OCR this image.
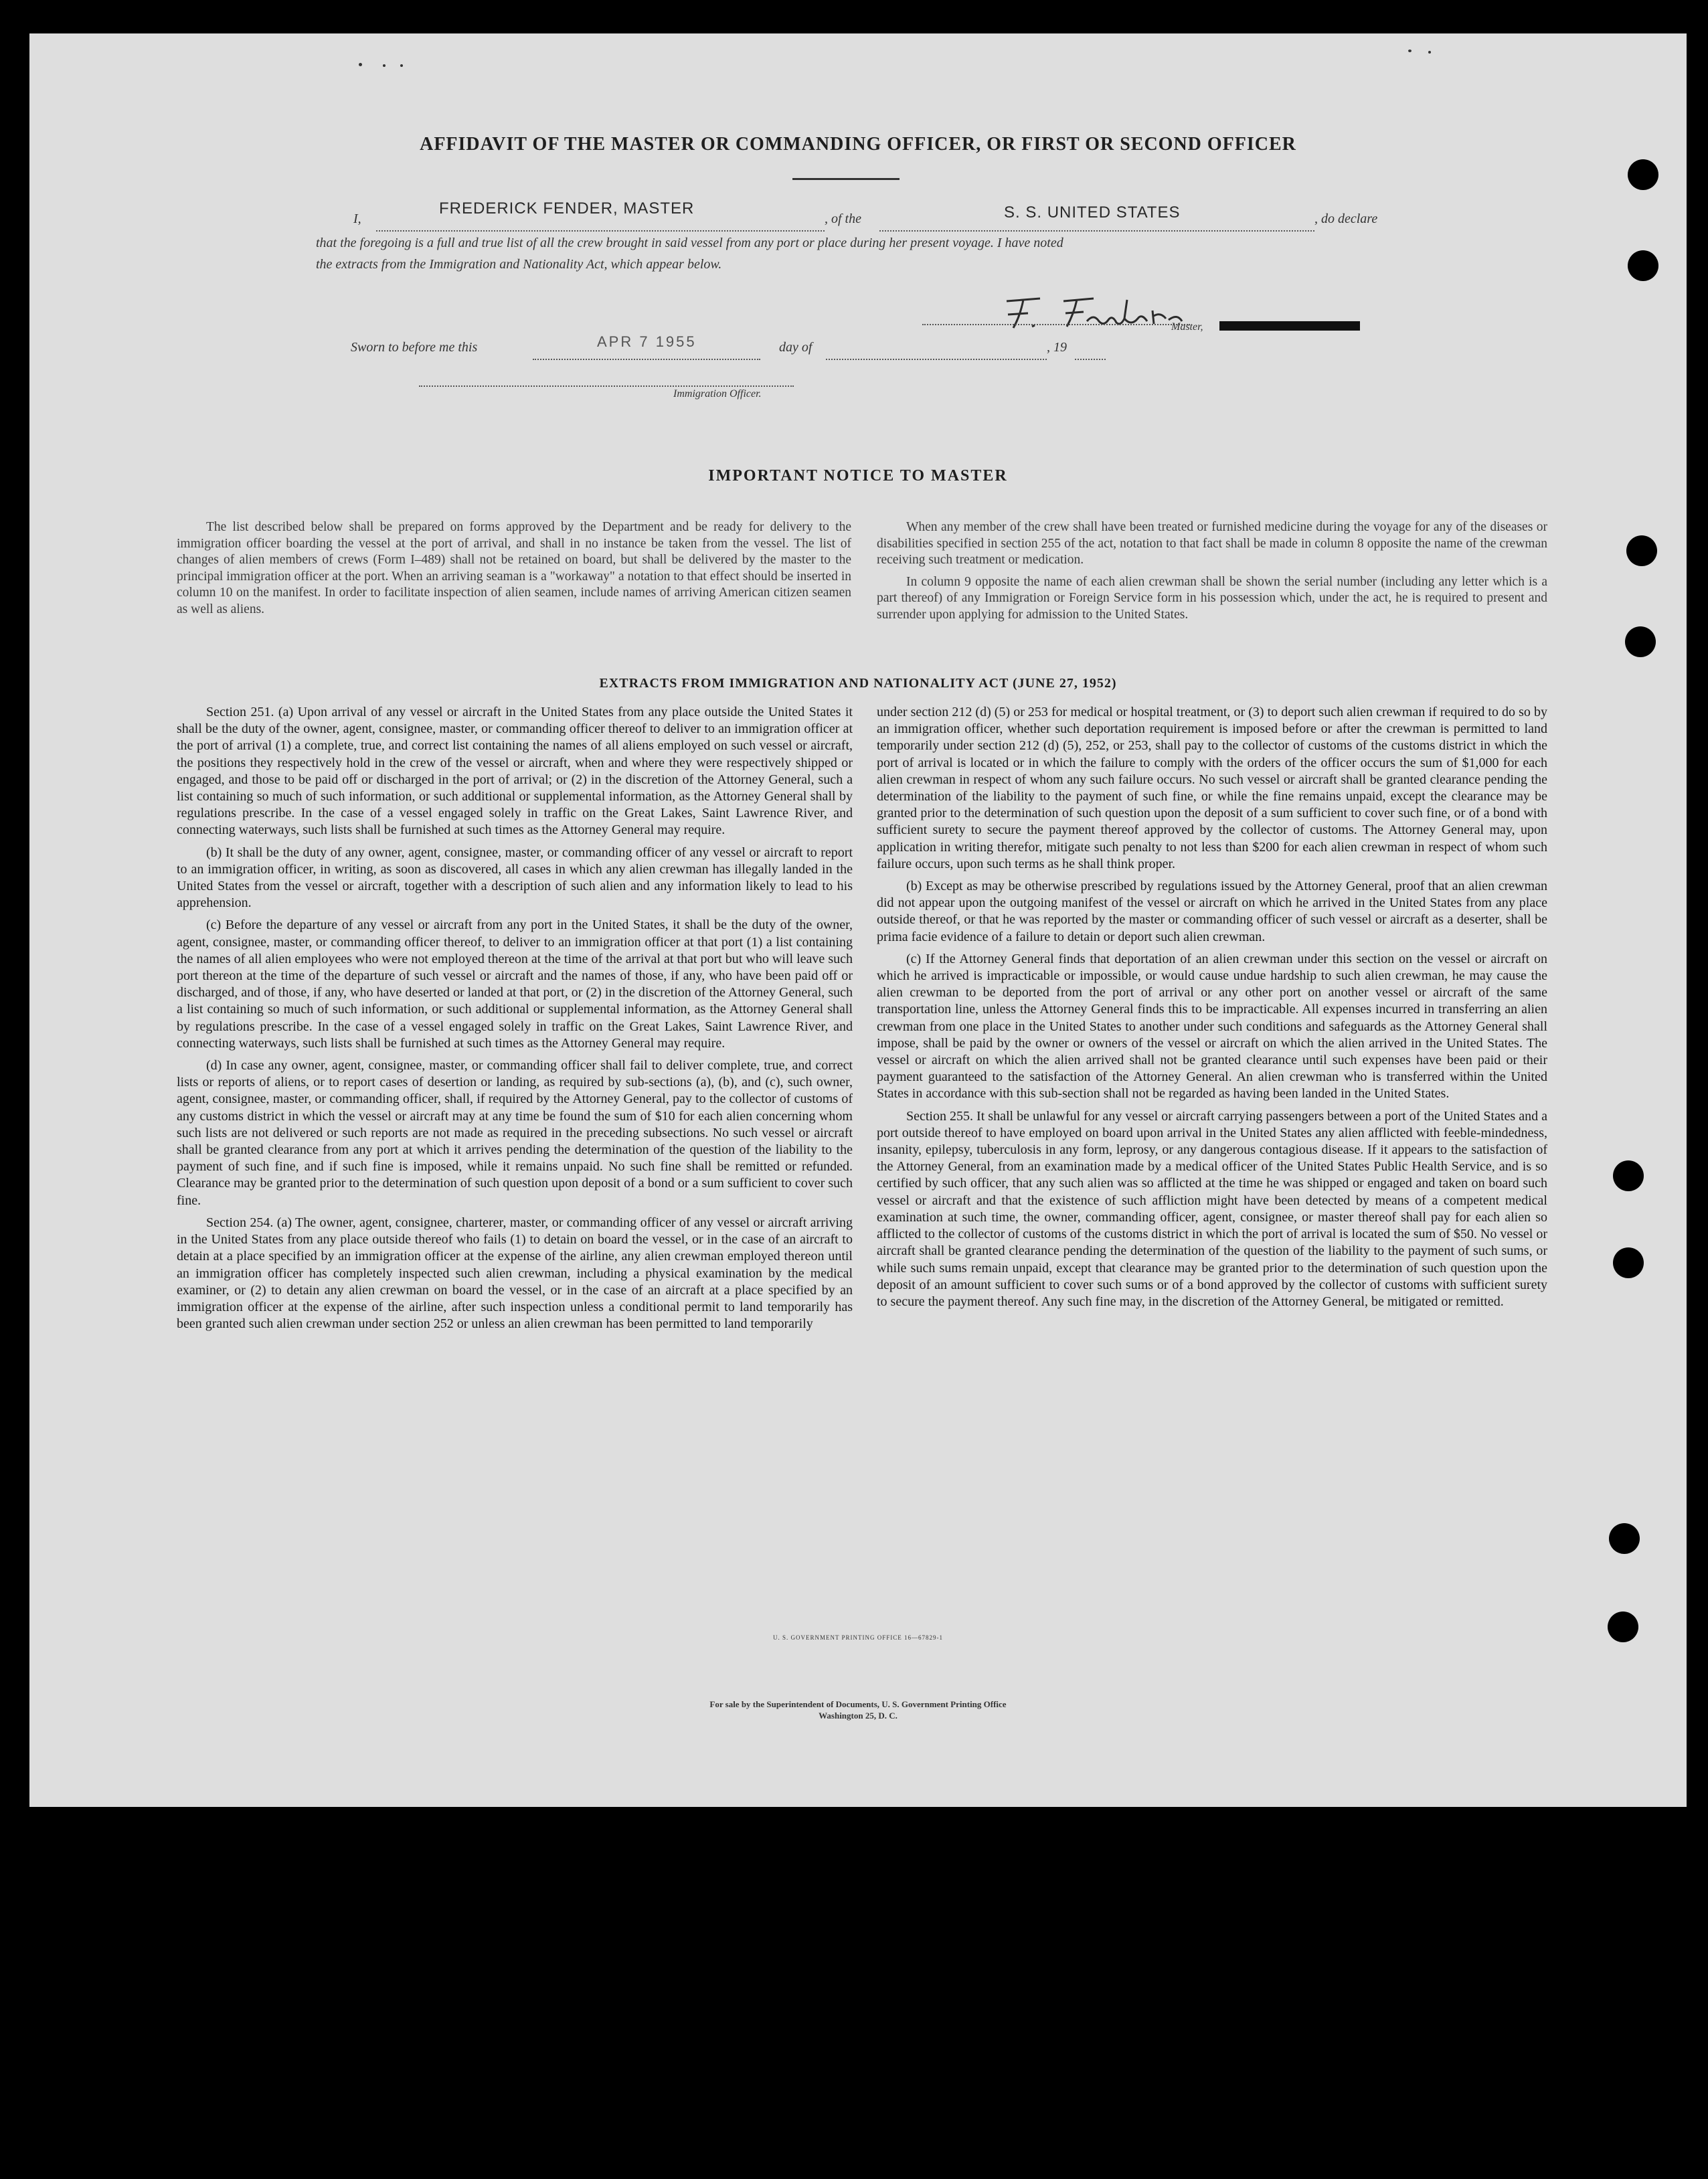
AFFIDAVIT OF THE MASTER OR COMMANDING OFFICER, OR FIRST OR SECOND OFFICER
I,
FREDERICK FENDER, MASTER
, of the	S. S. UNITED STATES	, do declare
that the foregoing is a full and true list of all the crew brought in said vessel from any port or place during her present voyage. I have noted
the extracts from the Immigration and Nationality Act, which appear below.
Master,
Sworn to before me this	APR 7 1955	day of	, 19
Immigration Officer.
IMPORTANT NOTICE TO MASTER

The list described below shall be prepared on forms approved by the Department and be ready for delivery to the immigration officer boarding the vessel at the port of arrival, and shall in no instance be taken from the vessel. The list of changes of alien members of crews (Form I–489) shall not be retained on board, but shall be delivered by the master to the principal immigration officer at the port. When an arriving seaman is a "workaway" a notation to that effect should be inserted in column 10 on the manifest. In order to facilitate inspection of alien seamen, include names of arriving American citizen seamen as well as aliens.

When any member of the crew shall have been treated or furnished medicine during the voyage for any of the diseases or disabilities specified in section 255 of the act, notation to that fact shall be made in column 8 opposite the name of the crewman receiving such treatment or medication.

In column 9 opposite the name of each alien crewman shall be shown the serial number (including any letter which is a part thereof) of any Immigration or Foreign Service form in his possession which, under the act, he is required to present and surrender upon applying for admission to the United States.

EXTRACTS FROM IMMIGRATION AND NATIONALITY ACT (JUNE 27, 1952)

Section 251. (a) Upon arrival of any vessel or aircraft in the United States from any place outside the United States it shall be the duty of the owner, agent, consignee, master, or commanding officer thereof to deliver to an immigration officer at the port of arrival (1) a complete, true, and correct list containing the names of all aliens employed on such vessel or aircraft, the positions they respectively hold in the crew of the vessel or aircraft, when and where they were respectively shipped or engaged, and those to be paid off or discharged in the port of arrival; or (2) in the discretion of the Attorney General, such a list containing so much of such information, or such additional or supplemental information, as the Attorney General shall by regulations prescribe. In the case of a vessel engaged solely in traffic on the Great Lakes, Saint Lawrence River, and connecting waterways, such lists shall be furnished at such times as the Attorney General may require.

(b) It shall be the duty of any owner, agent, consignee, master, or commanding officer of any vessel or aircraft to report to an immigration officer, in writing, as soon as discovered, all cases in which any alien crewman has illegally landed in the United States from the vessel or aircraft, together with a description of such alien and any information likely to lead to his apprehension.

(c) Before the departure of any vessel or aircraft from any port in the United States, it shall be the duty of the owner, agent, consignee, master, or commanding officer thereof, to deliver to an immigration officer at that port (1) a list containing the names of all alien employees who were not employed thereon at the time of the arrival at that port but who will leave such port thereon at the time of the departure of such vessel or aircraft and the names of those, if any, who have been paid off or discharged, and of those, if any, who have deserted or landed at that port, or (2) in the discretion of the Attorney General, such a list containing so much of such information, or such additional or supplemental information, as the Attorney General shall by regulations prescribe. In the case of a vessel engaged solely in traffic on the Great Lakes, Saint Lawrence River, and connecting waterways, such lists shall be furnished at such times as the Attorney General may require.

(d) In case any owner, agent, consignee, master, or commanding officer shall fail to deliver complete, true, and correct lists or reports of aliens, or to report cases of desertion or landing, as required by sub-sections (a), (b), and (c), such owner, agent, consignee, master, or commanding officer, shall, if required by the Attorney General, pay to the collector of customs of any customs district in which the vessel or aircraft may at any time be found the sum of $10 for each alien concerning whom such lists are not delivered or such reports are not made as required in the preceding subsections. No such vessel or aircraft shall be granted clearance from any port at which it arrives pending the determination of the question of the liability to the payment of such fine, and if such fine is imposed, while it remains unpaid. No such fine shall be remitted or refunded. Clearance may be granted prior to the determination of such question upon deposit of a bond or a sum sufficient to cover such fine.

Section 254. (a) The owner, agent, consignee, charterer, master, or commanding officer of any vessel or aircraft arriving in the United States from any place outside thereof who fails (1) to detain on board the vessel, or in the case of an aircraft to detain at a place specified by an immigration officer at the expense of the airline, any alien crewman employed thereon until an immigration officer has completely inspected such alien crewman, including a physical examination by the medical examiner, or (2) to detain any alien crewman on board the vessel, or in the case of an aircraft at a place specified by an immigration officer at the expense of the airline, after such inspection unless a conditional permit to land temporarily has been granted such alien crewman under section 252 or unless an alien crewman has been permitted to land temporarily

under section 212 (d) (5) or 253 for medical or hospital treatment, or (3) to deport such alien crewman if required to do so by an immigration officer, whether such deportation requirement is imposed before or after the crewman is permitted to land temporarily under section 212 (d) (5), 252, or 253, shall pay to the collector of customs of the customs district in which the port of arrival is located or in which the failure to comply with the orders of the officer occurs the sum of $1,000 for each alien crewman in respect of whom any such failure occurs. No such vessel or aircraft shall be granted clearance pending the determination of the liability to the payment of such fine, or while the fine remains unpaid, except the clearance may be granted prior to the determination of such question upon the deposit of a sum sufficient to cover such fine, or of a bond with sufficient surety to secure the payment thereof approved by the collector of customs. The Attorney General may, upon application in writing therefor, mitigate such penalty to not less than $200 for each alien crewman in respect of whom such failure occurs, upon such terms as he shall think proper.

(b) Except as may be otherwise prescribed by regulations issued by the Attorney General, proof that an alien crewman did not appear upon the outgoing manifest of the vessel or aircraft on which he arrived in the United States from any place outside thereof, or that he was reported by the master or commanding officer of such vessel or aircraft as a deserter, shall be prima facie evidence of a failure to detain or deport such alien crewman.

(c) If the Attorney General finds that deportation of an alien crewman under this section on the vessel or aircraft on which he arrived is impracticable or impossible, or would cause undue hardship to such alien crewman, he may cause the alien crewman to be deported from the port of arrival or any other port on another vessel or aircraft of the same transportation line, unless the Attorney General finds this to be impracticable. All expenses incurred in transferring an alien crewman from one place in the United States to another under such conditions and safeguards as the Attorney General shall impose, shall be paid by the owner or owners of the vessel or aircraft on which the alien arrived in the United States. The vessel or aircraft on which the alien arrived shall not be granted clearance until such expenses have been paid or their payment guaranteed to the satisfaction of the Attorney General. An alien crewman who is transferred within the United States in accordance with this sub-section shall not be regarded as having been landed in the United States.

Section 255. It shall be unlawful for any vessel or aircraft carrying passengers between a port of the United States and a port outside thereof to have employed on board upon arrival in the United States any alien afflicted with feeble-mindedness, insanity, epilepsy, tuberculosis in any form, leprosy, or any dangerous contagious disease. If it appears to the satisfaction of the Attorney General, from an examination made by a medical officer of the United States Public Health Service, and is so certified by such officer, that any such alien was so afflicted at the time he was shipped or engaged and taken on board such vessel or aircraft and that the existence of such affliction might have been detected by means of a competent medical examination at such time, the owner, commanding officer, agent, consignee, or master thereof shall pay for each alien so afflicted to the collector of customs of the customs district in which the port of arrival is located the sum of $50. No vessel or aircraft shall be granted clearance pending the determination of the question of the liability to the payment of such sums, or while such sums remain unpaid, except that clearance may be granted prior to the determination of such question upon the deposit of an amount sufficient to cover such sums or of a bond approved by the collector of customs with sufficient surety to secure the payment thereof. Any such fine may, in the discretion of the Attorney General, be mitigated or remitted.

U. S. GOVERNMENT PRINTING OFFICE 16—67829-1
For sale by the Superintendent of Documents, U. S. Government Printing Office
Washington 25, D. C.
